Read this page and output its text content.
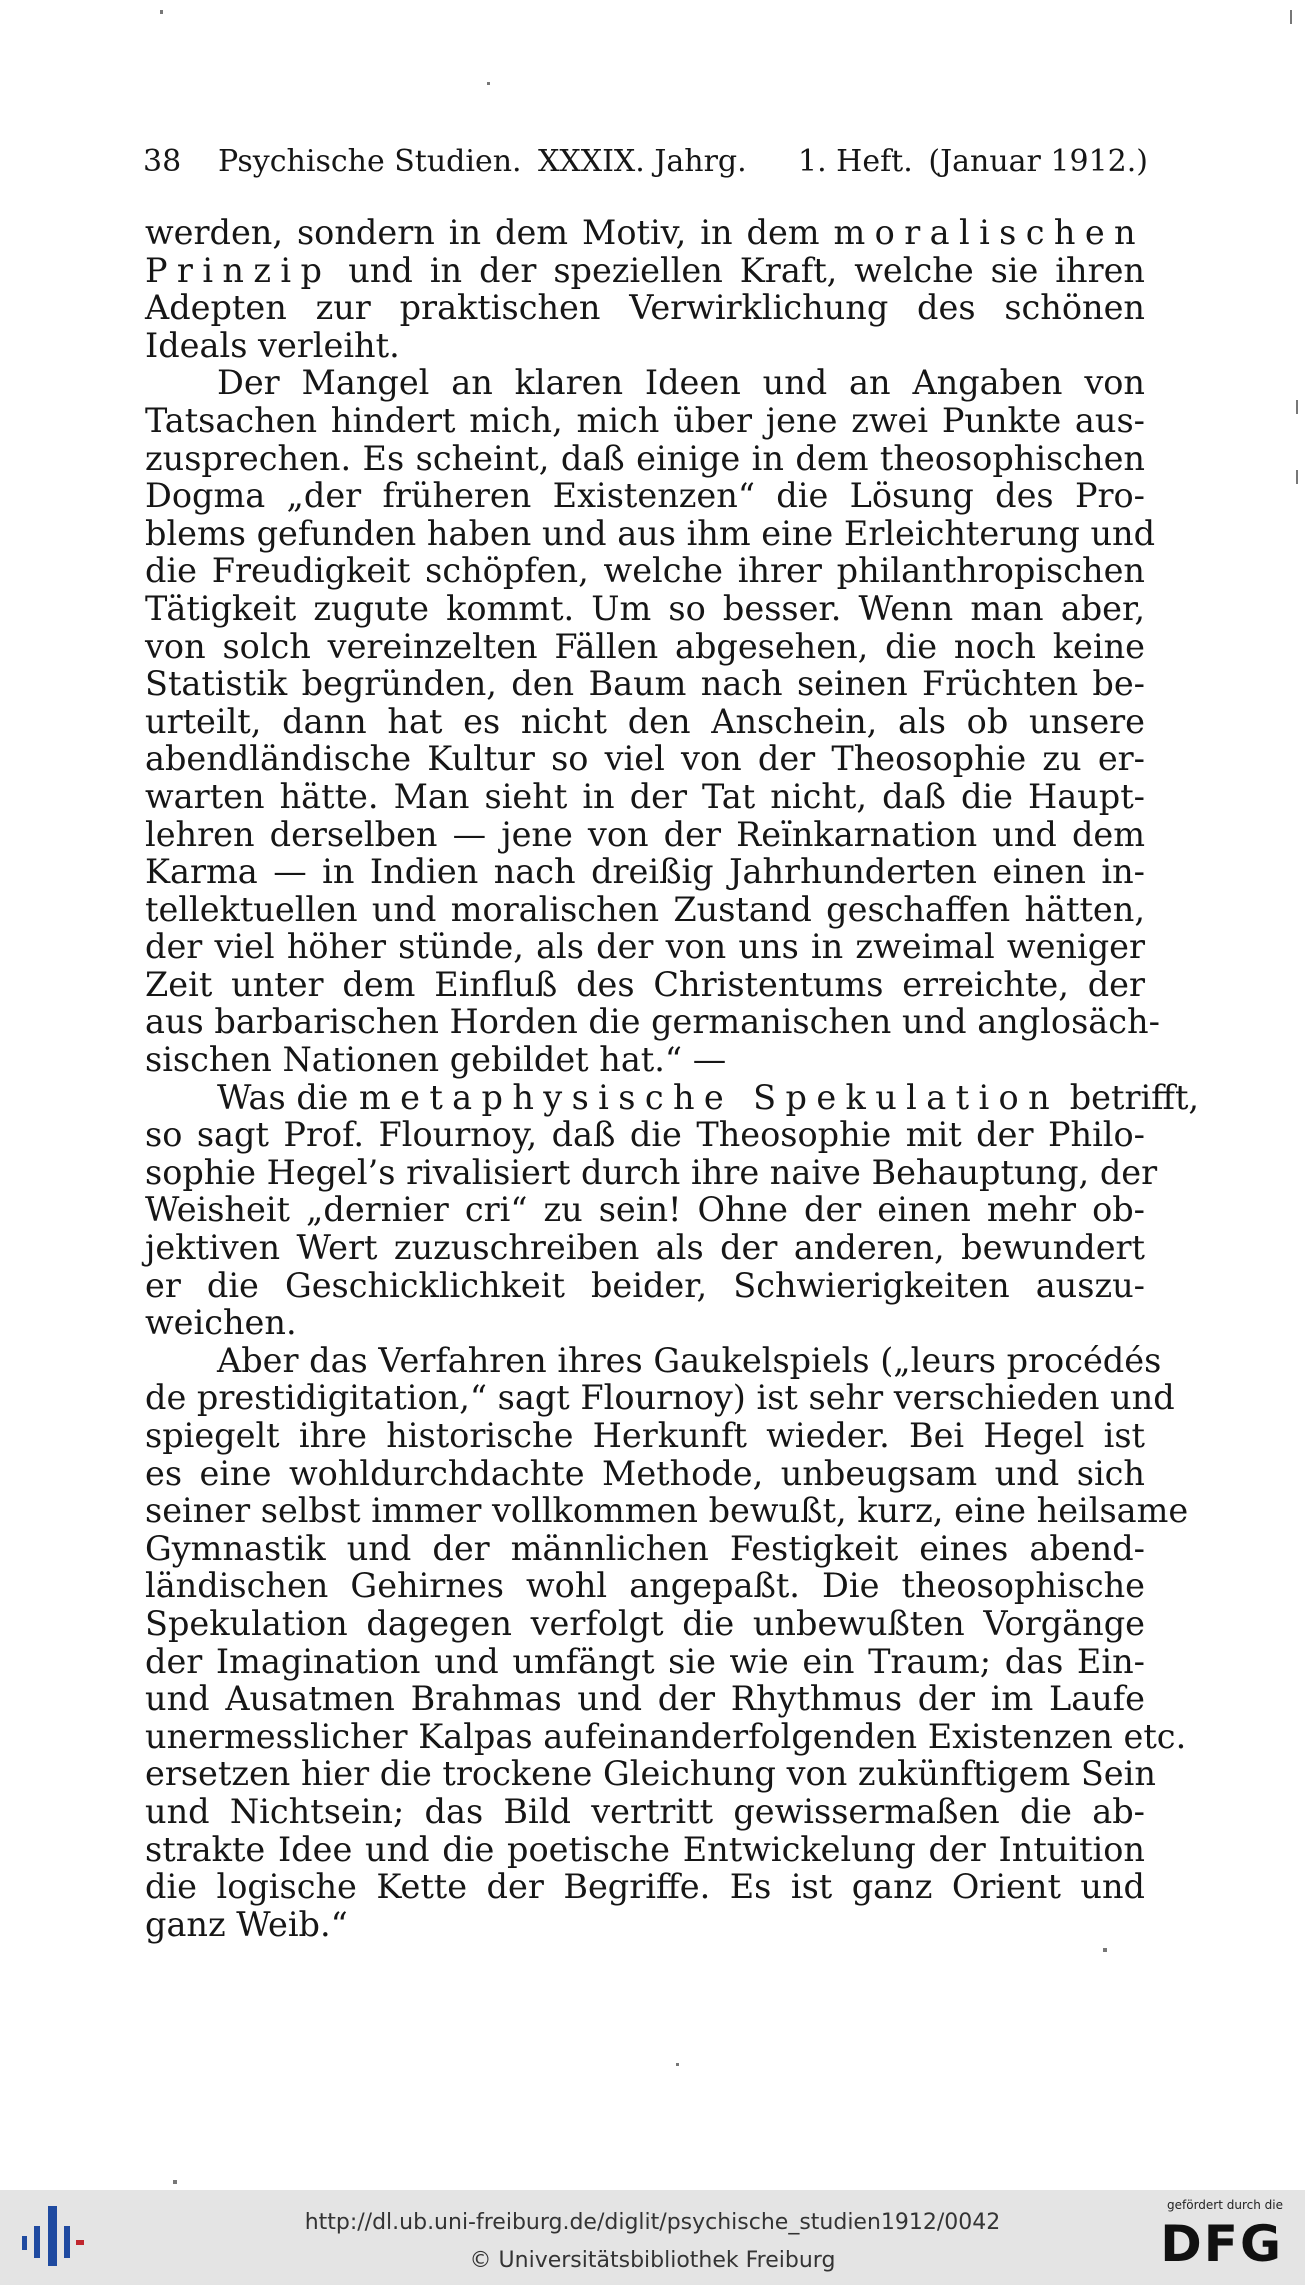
38 Psychische Studien. XXXIX. Jahrg. 1. Heft. (Januar 1912.)
werden, sondern in dem Motiv, in dem moralischen
Prinzip und in der speziellen Kraft, welche sie ihren
Adepten zur praktischen Verwirklichung des schönen
Ideals verleiht.
Der Mangel an klaren Ideen und an Angaben von
Tatsachen hindert mich, mich über jene zwei Punkte aus-
zusprechen. Es scheint, daß einige in dem theosophischen
Dogma „der früheren Existenzen“ die Lösung des Pro-
blems gefunden haben und aus ihm eine Erleichterung und
die Freudigkeit schöpfen, welche ihrer philanthropischen
Tätigkeit zugute kommt. Um so besser. Wenn man aber,
von solch vereinzelten Fällen abgesehen, die noch keine
Statistik begründen, den Baum nach seinen Früchten be-
urteilt, dann hat es nicht den Anschein, als ob unsere
abendländische Kultur so viel von der Theosophie zu er-
warten hätte. Man sieht in der Tat nicht, daß die Haupt-
lehren derselben — jene von der Reïnkarnation und dem
Karma — in Indien nach dreißig Jahrhunderten einen in-
tellektuellen und moralischen Zustand geschaffen hätten,
der viel höher stünde, als der von uns in zweimal weniger
Zeit unter dem Einfluß des Christentums erreichte, der
aus barbarischen Horden die germanischen und anglosäch-
sischen Nationen gebildet hat.“ —
Was die metaphysische Spekulation betrifft,
so sagt Prof. Flournoy, daß die Theosophie mit der Philo-
sophie Hegel’s rivalisiert durch ihre naive Behauptung, der
Weisheit „dernier cri“ zu sein! Ohne der einen mehr ob-
jektiven Wert zuzuschreiben als der anderen, bewundert
er die Geschicklichkeit beider, Schwierigkeiten auszu-
weichen.
Aber das Verfahren ihres Gaukelspiels („leurs procédés
de prestidigitation,“ sagt Flournoy) ist sehr verschieden und
spiegelt ihre historische Herkunft wieder. Bei Hegel ist
es eine wohldurchdachte Methode, unbeugsam und sich
seiner selbst immer vollkommen bewußt, kurz, eine heilsame
Gymnastik und der männlichen Festigkeit eines abend-
ländischen Gehirnes wohl angepaßt. Die theosophische
Spekulation dagegen verfolgt die unbewußten Vorgänge
der Imagination und umfängt sie wie ein Traum; das Ein-
und Ausatmen Brahmas und der Rhythmus der im Laufe
unermesslicher Kalpas aufeinanderfolgenden Existenzen etc.
ersetzen hier die trockene Gleichung von zukünftigem Sein
und Nichtsein; das Bild vertritt gewissermaßen die ab-
strakte Idee und die poetische Entwickelung der Intuition
die logische Kette der Begriffe. Es ist ganz Orient und
ganz Weib.“
http://dl.ub.uni-freiburg.de/diglit/psychische_studien1912/0042
© Universitätsbibliothek Freiburg
gefördert durch die
DFG
